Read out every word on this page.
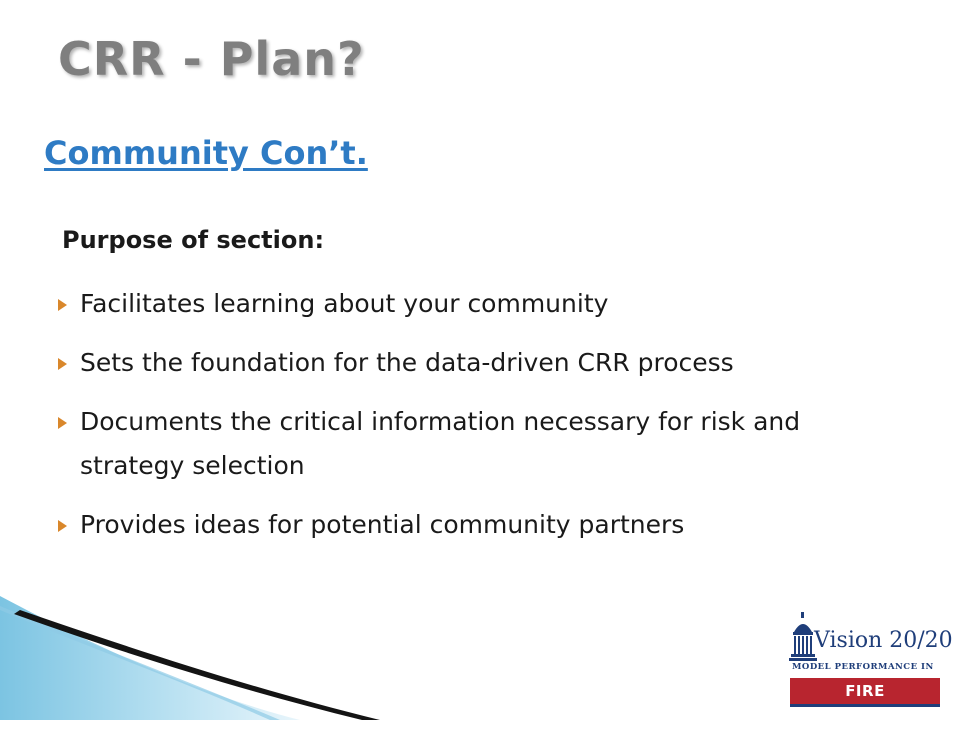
CRR - Plan?
Community Con’t.

Purpose of section:

Facilitates learning about your community
Sets the foundation for the data-driven CRR process
Documents the critical information necessary for risk and strategy selection
Provides ideas for potential community partners
Vision 20/20
MODEL PERFORMANCE IN
FIRE PREVENTION
